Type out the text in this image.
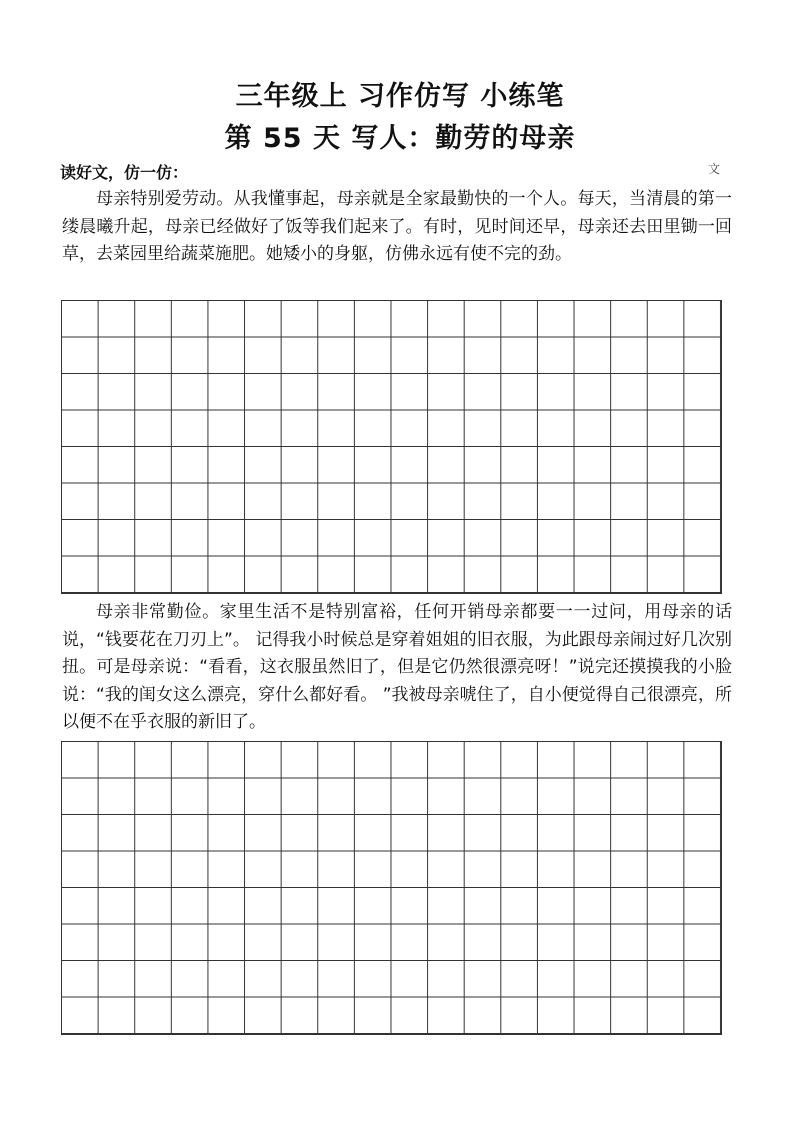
三年级上 习作仿写 小练笔
第 55 天 写人：勤劳的母亲

读好文，仿一仿：	文

母亲特别爱劳动。从我懂事起，母亲就是全家最勤快的一个人。每天，当清晨的第一缕晨曦升起，母亲已经做好了饭等我们起来了。有时，见时间还早，母亲还去田里锄一回草，去菜园里给蔬菜施肥。她矮小的身躯，仿佛永远有使不完的劲。

母亲非常勤俭。家里生活不是特别富裕，任何开销母亲都要一一过问，用母亲的话说，“钱要花在刀刃上”。 记得我小时候总是穿着姐姐的旧衣服，为此跟母亲闹过好几次别扭。可是母亲说：“看看，这衣服虽然旧了，但是它仍然很漂亮呀！”说完还摸摸我的小脸说：“我的闺女这么漂亮，穿什么都好看。 ”我被母亲唬住了，自小便觉得自己很漂亮，所以便不在乎衣服的新旧了。
